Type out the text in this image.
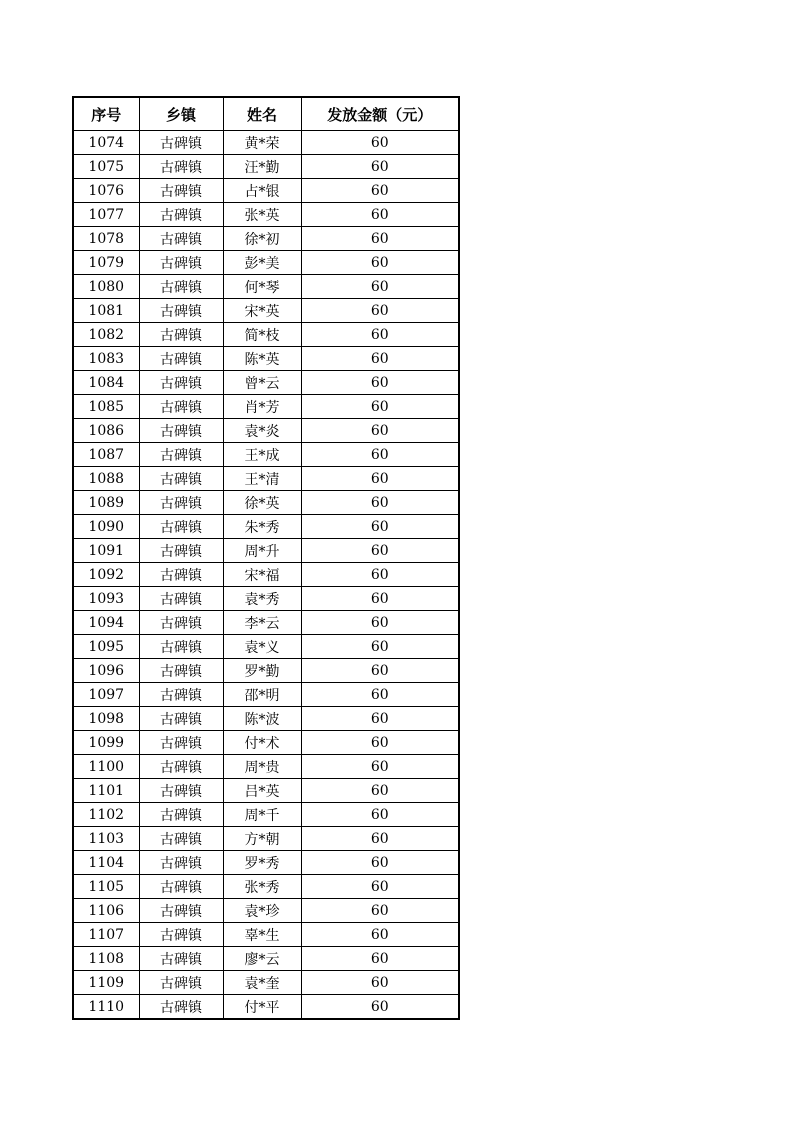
序号	乡镇	姓名	发放金额（元）
1074	古碑镇	黄*荣	60
1075	古碑镇	汪*勤	60
1076	古碑镇	占*银	60
1077	古碑镇	张*英	60
1078	古碑镇	徐*初	60
1079	古碑镇	彭*美	60
1080	古碑镇	何*琴	60
1081	古碑镇	宋*英	60
1082	古碑镇	简*枝	60
1083	古碑镇	陈*英	60
1084	古碑镇	曾*云	60
1085	古碑镇	肖*芳	60
1086	古碑镇	袁*炎	60
1087	古碑镇	王*成	60
1088	古碑镇	王*清	60
1089	古碑镇	徐*英	60
1090	古碑镇	朱*秀	60
1091	古碑镇	周*升	60
1092	古碑镇	宋*福	60
1093	古碑镇	袁*秀	60
1094	古碑镇	李*云	60
1095	古碑镇	袁*义	60
1096	古碑镇	罗*勤	60
1097	古碑镇	邵*明	60
1098	古碑镇	陈*波	60
1099	古碑镇	付*术	60
1100	古碑镇	周*贵	60
1101	古碑镇	吕*英	60
1102	古碑镇	周*千	60
1103	古碑镇	方*朝	60
1104	古碑镇	罗*秀	60
1105	古碑镇	张*秀	60
1106	古碑镇	袁*珍	60
1107	古碑镇	辜*生	60
1108	古碑镇	廖*云	60
1109	古碑镇	袁*奎	60
1110	古碑镇	付*平	60
